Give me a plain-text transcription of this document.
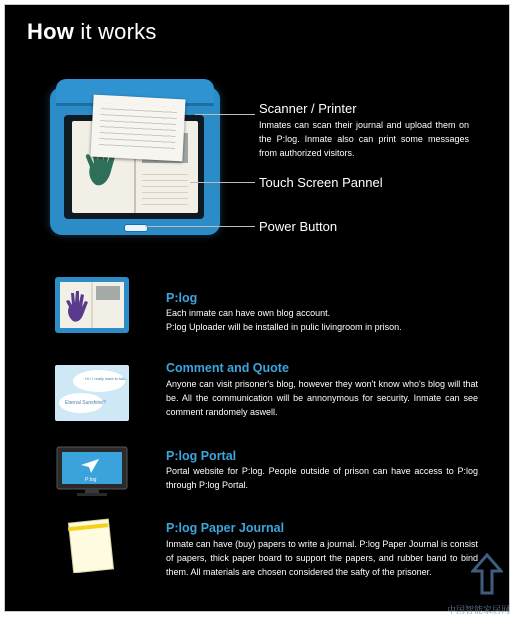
How it works
Scanner / Printer
Inmates can scan their journal and upload them on the P:log. Inmate also can print some messages from authorized visitors.
Touch Screen Pannel
Power Button
P:log
Each inmate can have own blog account.
P:log Uploader will be installed in pulic livingroom in prison.
Hi ! I really want to talk...
Eternal Sunshine?
Comment and Quote
Anyone can visit prisoner's blog, however they won't know who's blog will that be. All the communication will be annonymous for security. Inmate can see comment randomely aswell.
P:log
P:log Portal
Portal website for P:log. People outside of prison can have access to P:log through P:log Portal.
P:log Paper Journal
Inmate can have (buy) papers to write a journal. P:log Paper Journal is consist of papers, thick paper board to support the papers, and rubber band to bind them. All materials are chosen considered the safty of the prisoner.
中国智能家居网
